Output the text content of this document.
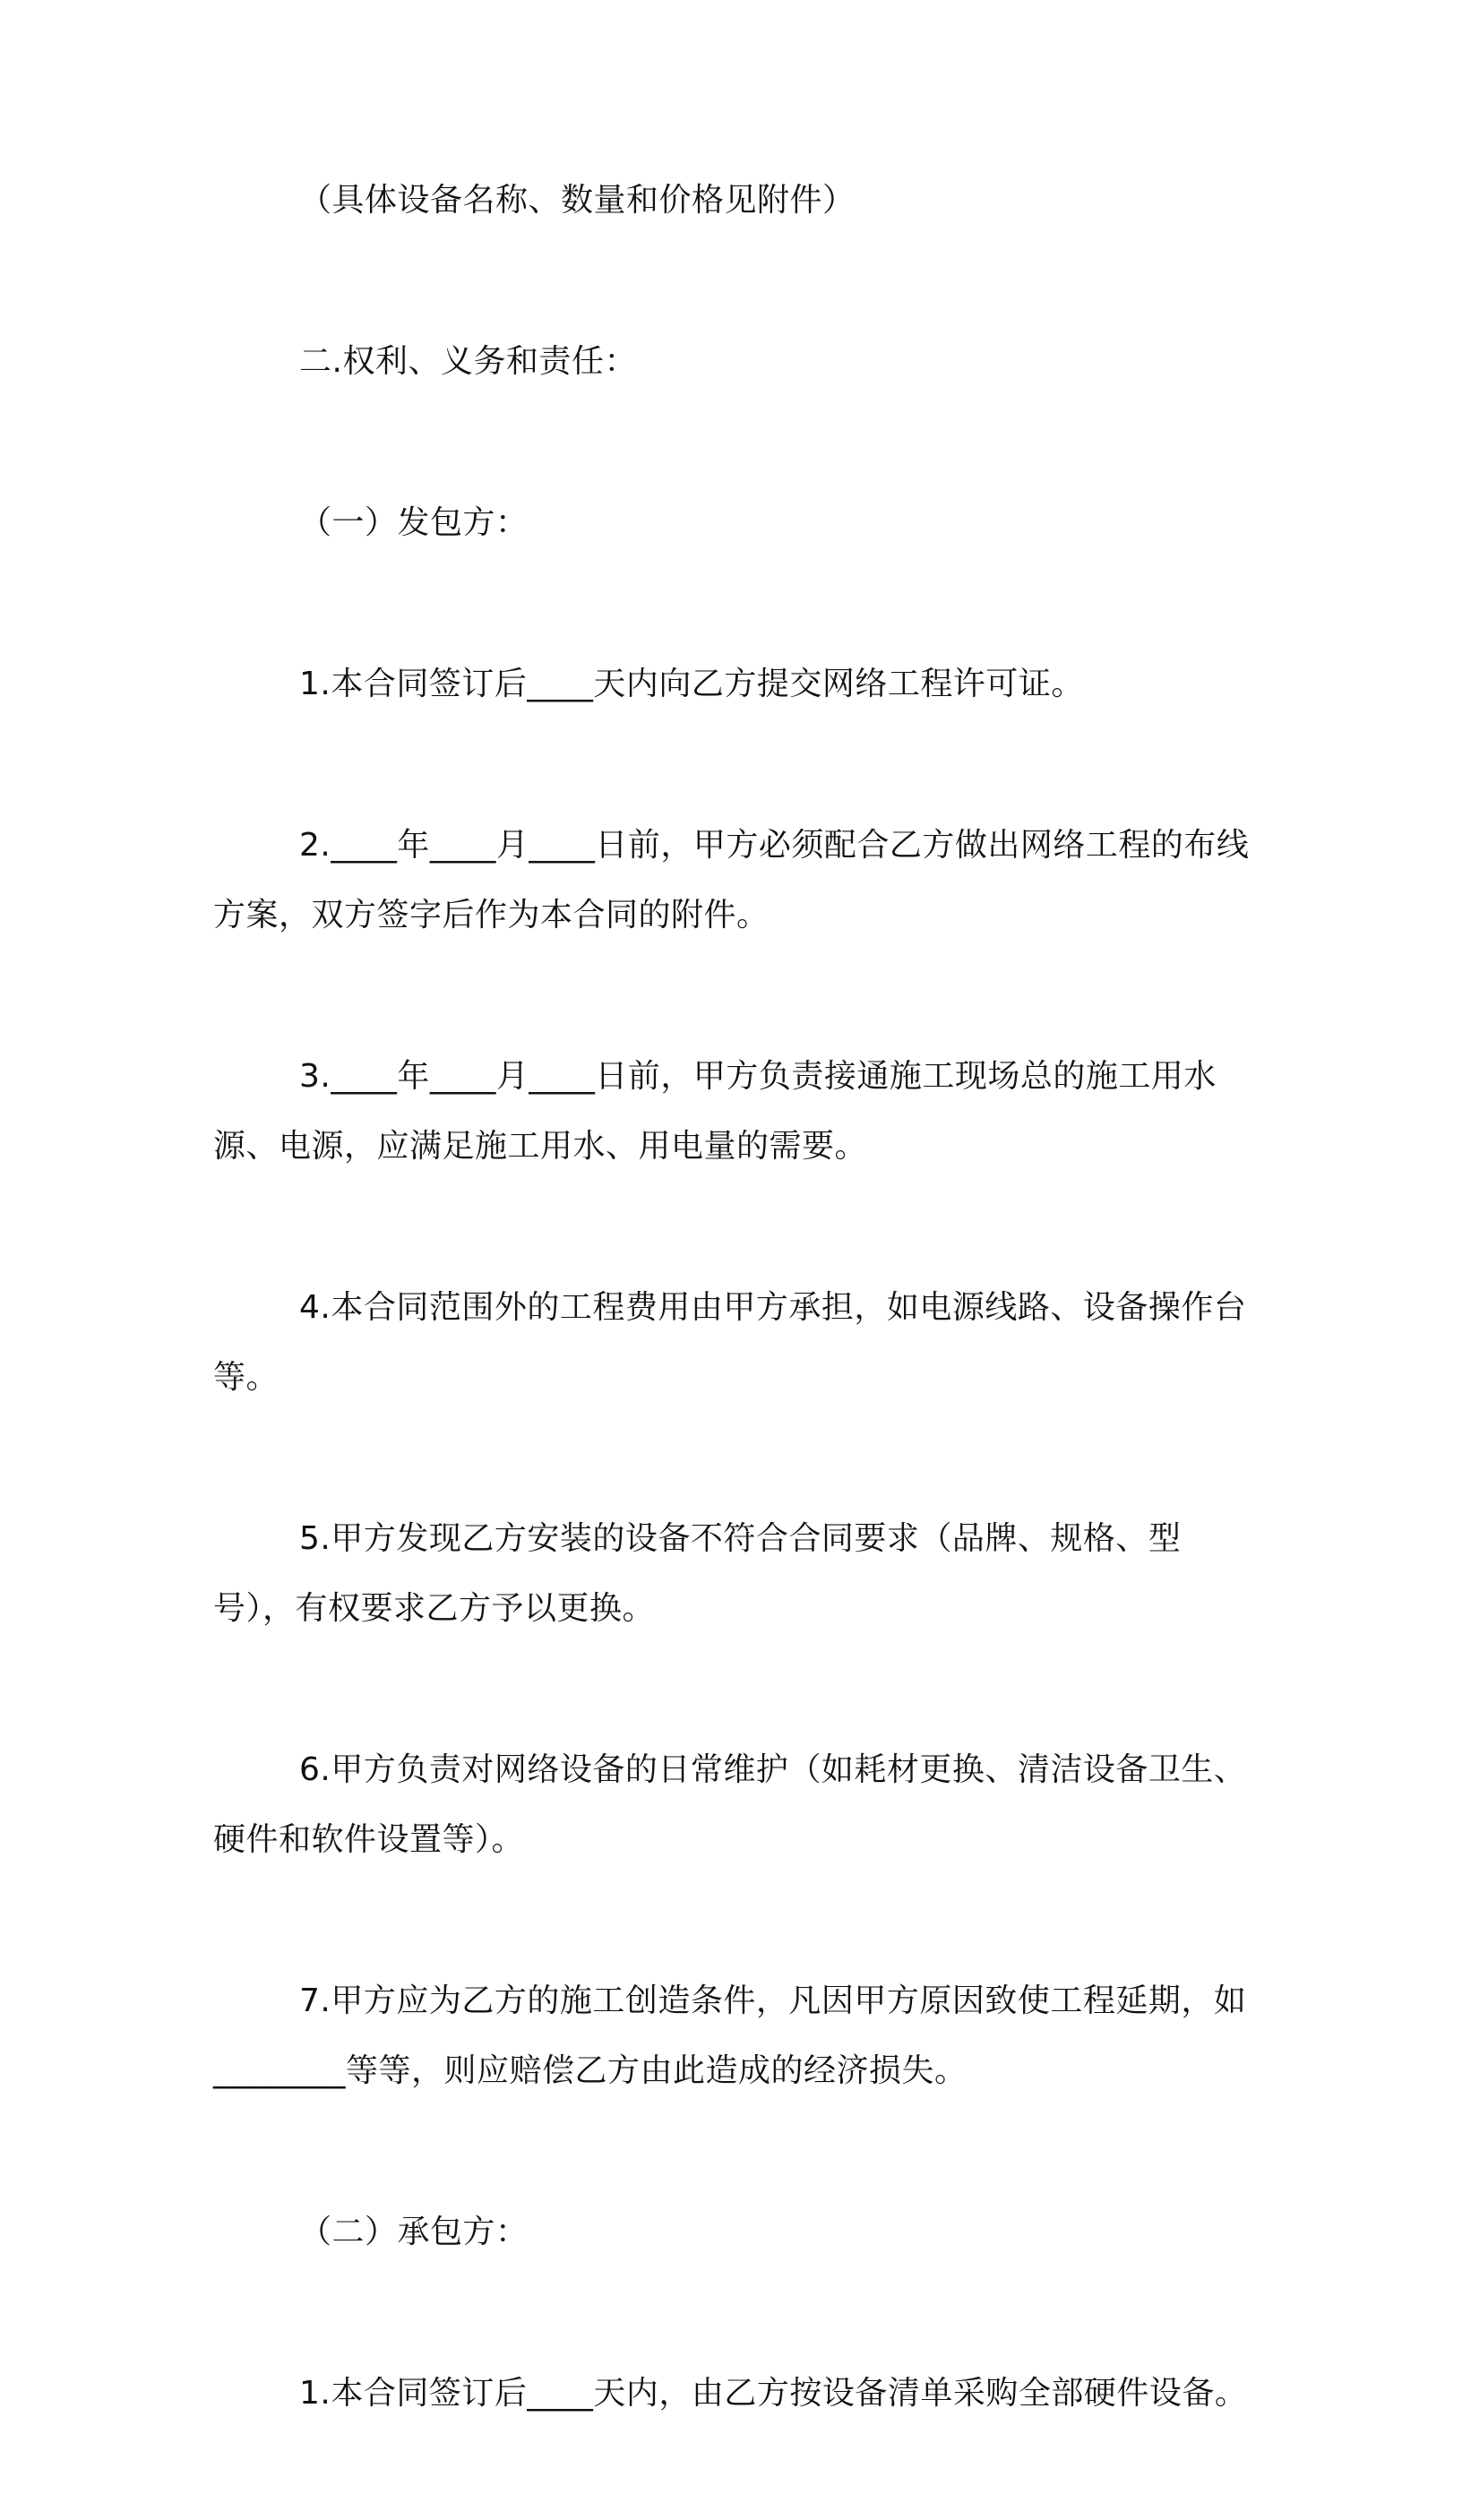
（具体设备名称、数量和价格见附件）

二.权利、义务和责任：

（一）发包方：

1.本合同签订后____天内向乙方提交网络工程许可证。

2.____年____月____日前，甲方必须配合乙方做出网络工程的布线方案，双方签字后作为本合同的附件。

3.____年____月____日前，甲方负责接通施工现场总的施工用水源、电源，应满足施工用水、用电量的需要。

4.本合同范围外的工程费用由甲方承担，如电源线路、设备操作台等。

5.甲方发现乙方安装的设备不符合合同要求（品牌、规格、型号），有权要求乙方予以更换。

6.甲方负责对网络设备的日常维护（如耗材更换、清洁设备卫生、硬件和软件设置等）。

7.甲方应为乙方的施工创造条件，凡因甲方原因致使工程延期，如________等等，则应赔偿乙方由此造成的经济损失。

（二）承包方：

1.本合同签订后____天内，由乙方按设备清单采购全部硬件设备。
